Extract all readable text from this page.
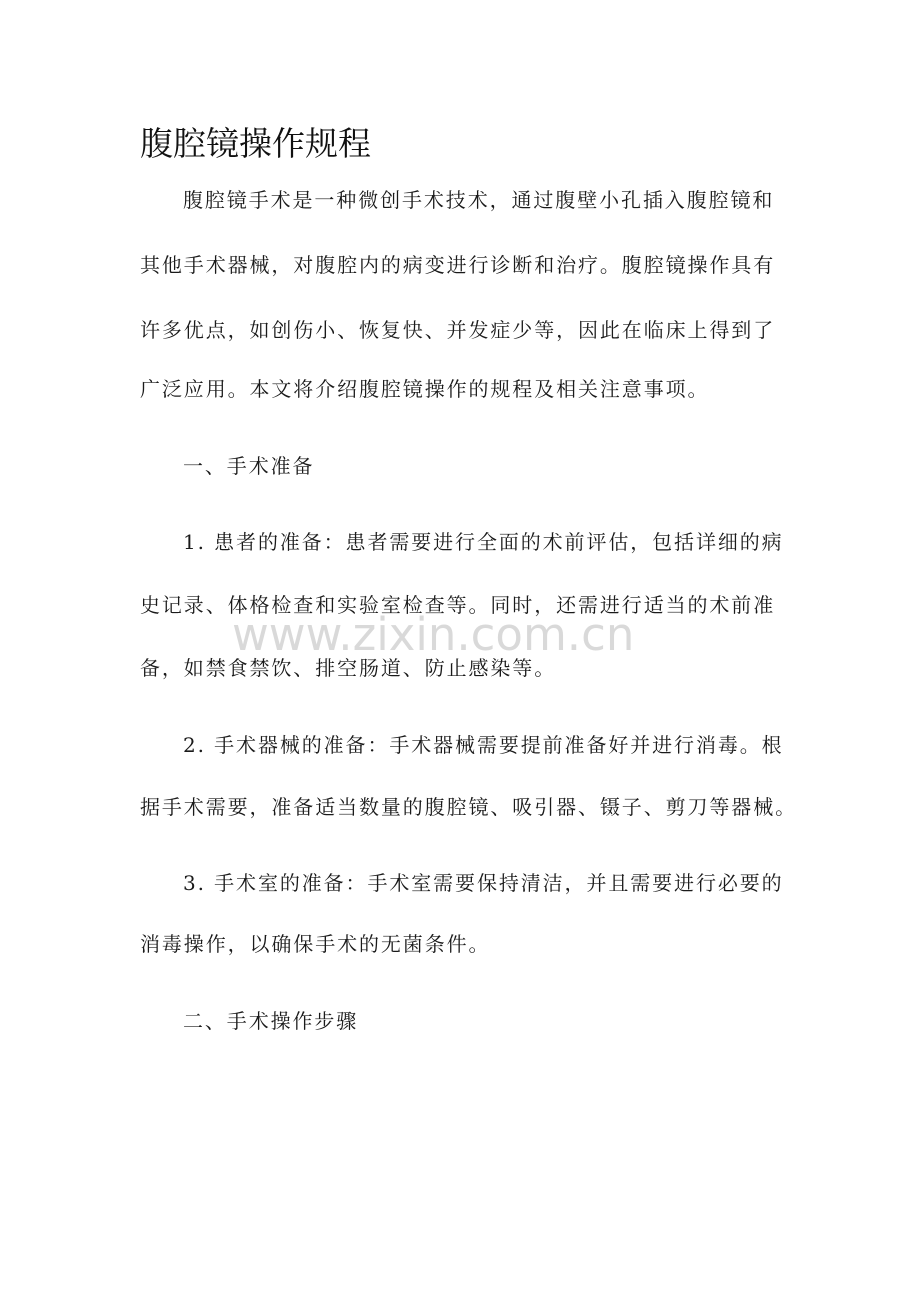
腹腔镜操作规程

腹腔镜手术是一种微创手术技术，通过腹壁小孔插入腹腔镜和

其他手术器械，对腹腔内的病变进行诊断和治疗。腹腔镜操作具有

许多优点，如创伤小、恢复快、并发症少等，因此在临床上得到了

广泛应用。本文将介绍腹腔镜操作的规程及相关注意事项。

一、手术准备

1. 患者的准备：患者需要进行全面的术前评估，包括详细的病

史记录、体格检查和实验室检查等。同时，还需进行适当的术前准

备，如禁食禁饮、排空肠道、防止感染等。

2. 手术器械的准备：手术器械需要提前准备好并进行消毒。根

据手术需要，准备适当数量的腹腔镜、吸引器、镊子、剪刀等器械。

3. 手术室的准备：手术室需要保持清洁，并且需要进行必要的

消毒操作，以确保手术的无菌条件。

二、手术操作步骤

www.zixin.com.cn
